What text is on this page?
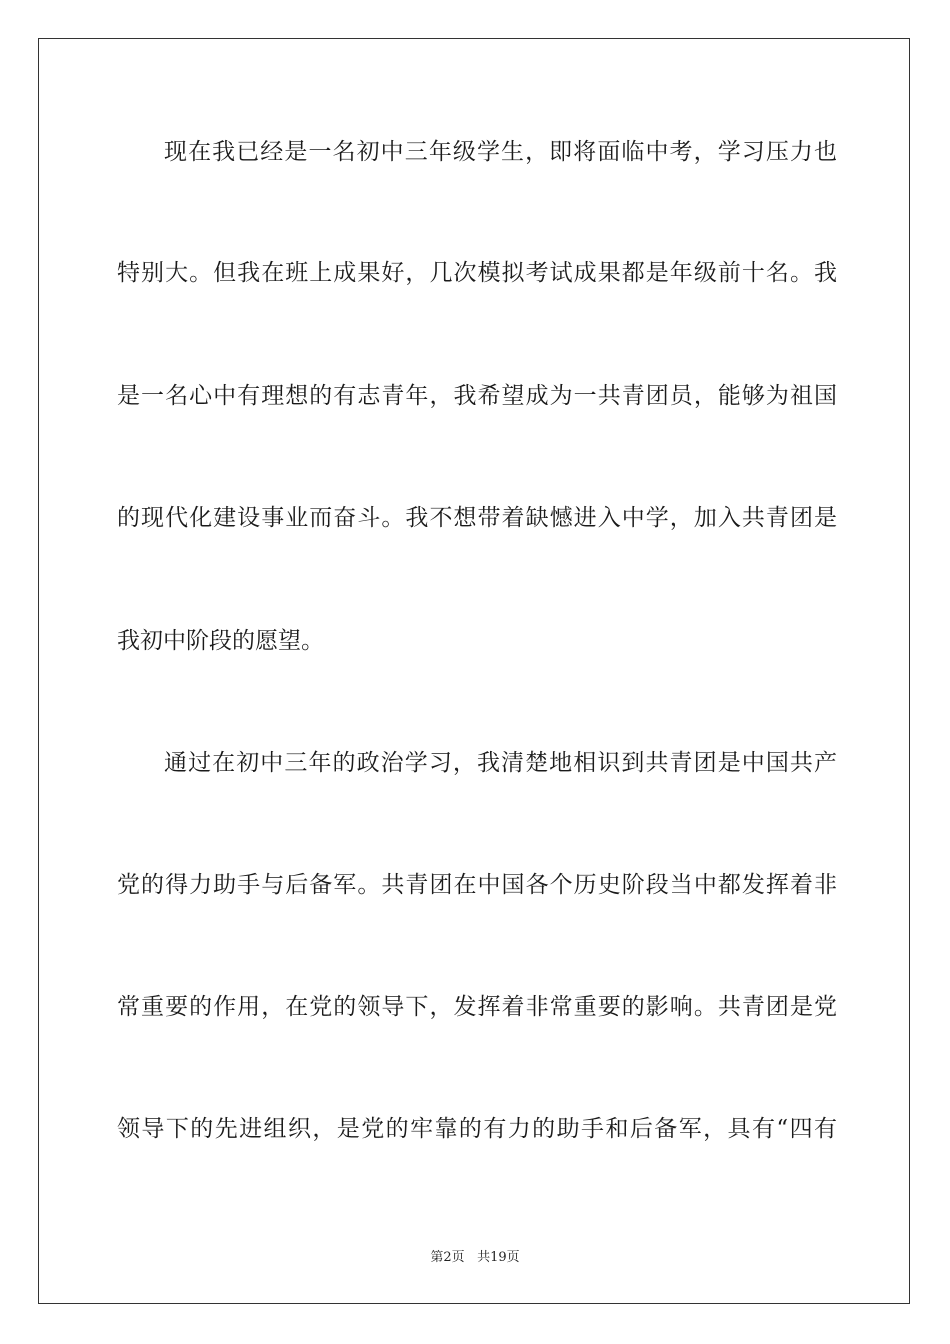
现在我已经是一名初中三年级学生，即将面临中考，学习压力也
特别大。但我在班上成果好，几次模拟考试成果都是年级前十名。我
是一名心中有理想的有志青年，我希望成为一共青团员，能够为祖国
的现代化建设事业而奋斗。我不想带着缺憾进入中学，加入共青团是
我初中阶段的愿望。
通过在初中三年的政治学习，我清楚地相识到共青团是中国共产
党的得力助手与后备军。共青团在中国各个历史阶段当中都发挥着非
常重要的作用，在党的领导下，发挥着非常重要的影响。共青团是党
领导下的先进组织，是党的牢靠的有力的助手和后备军，具有“四有
第2页 共19页
